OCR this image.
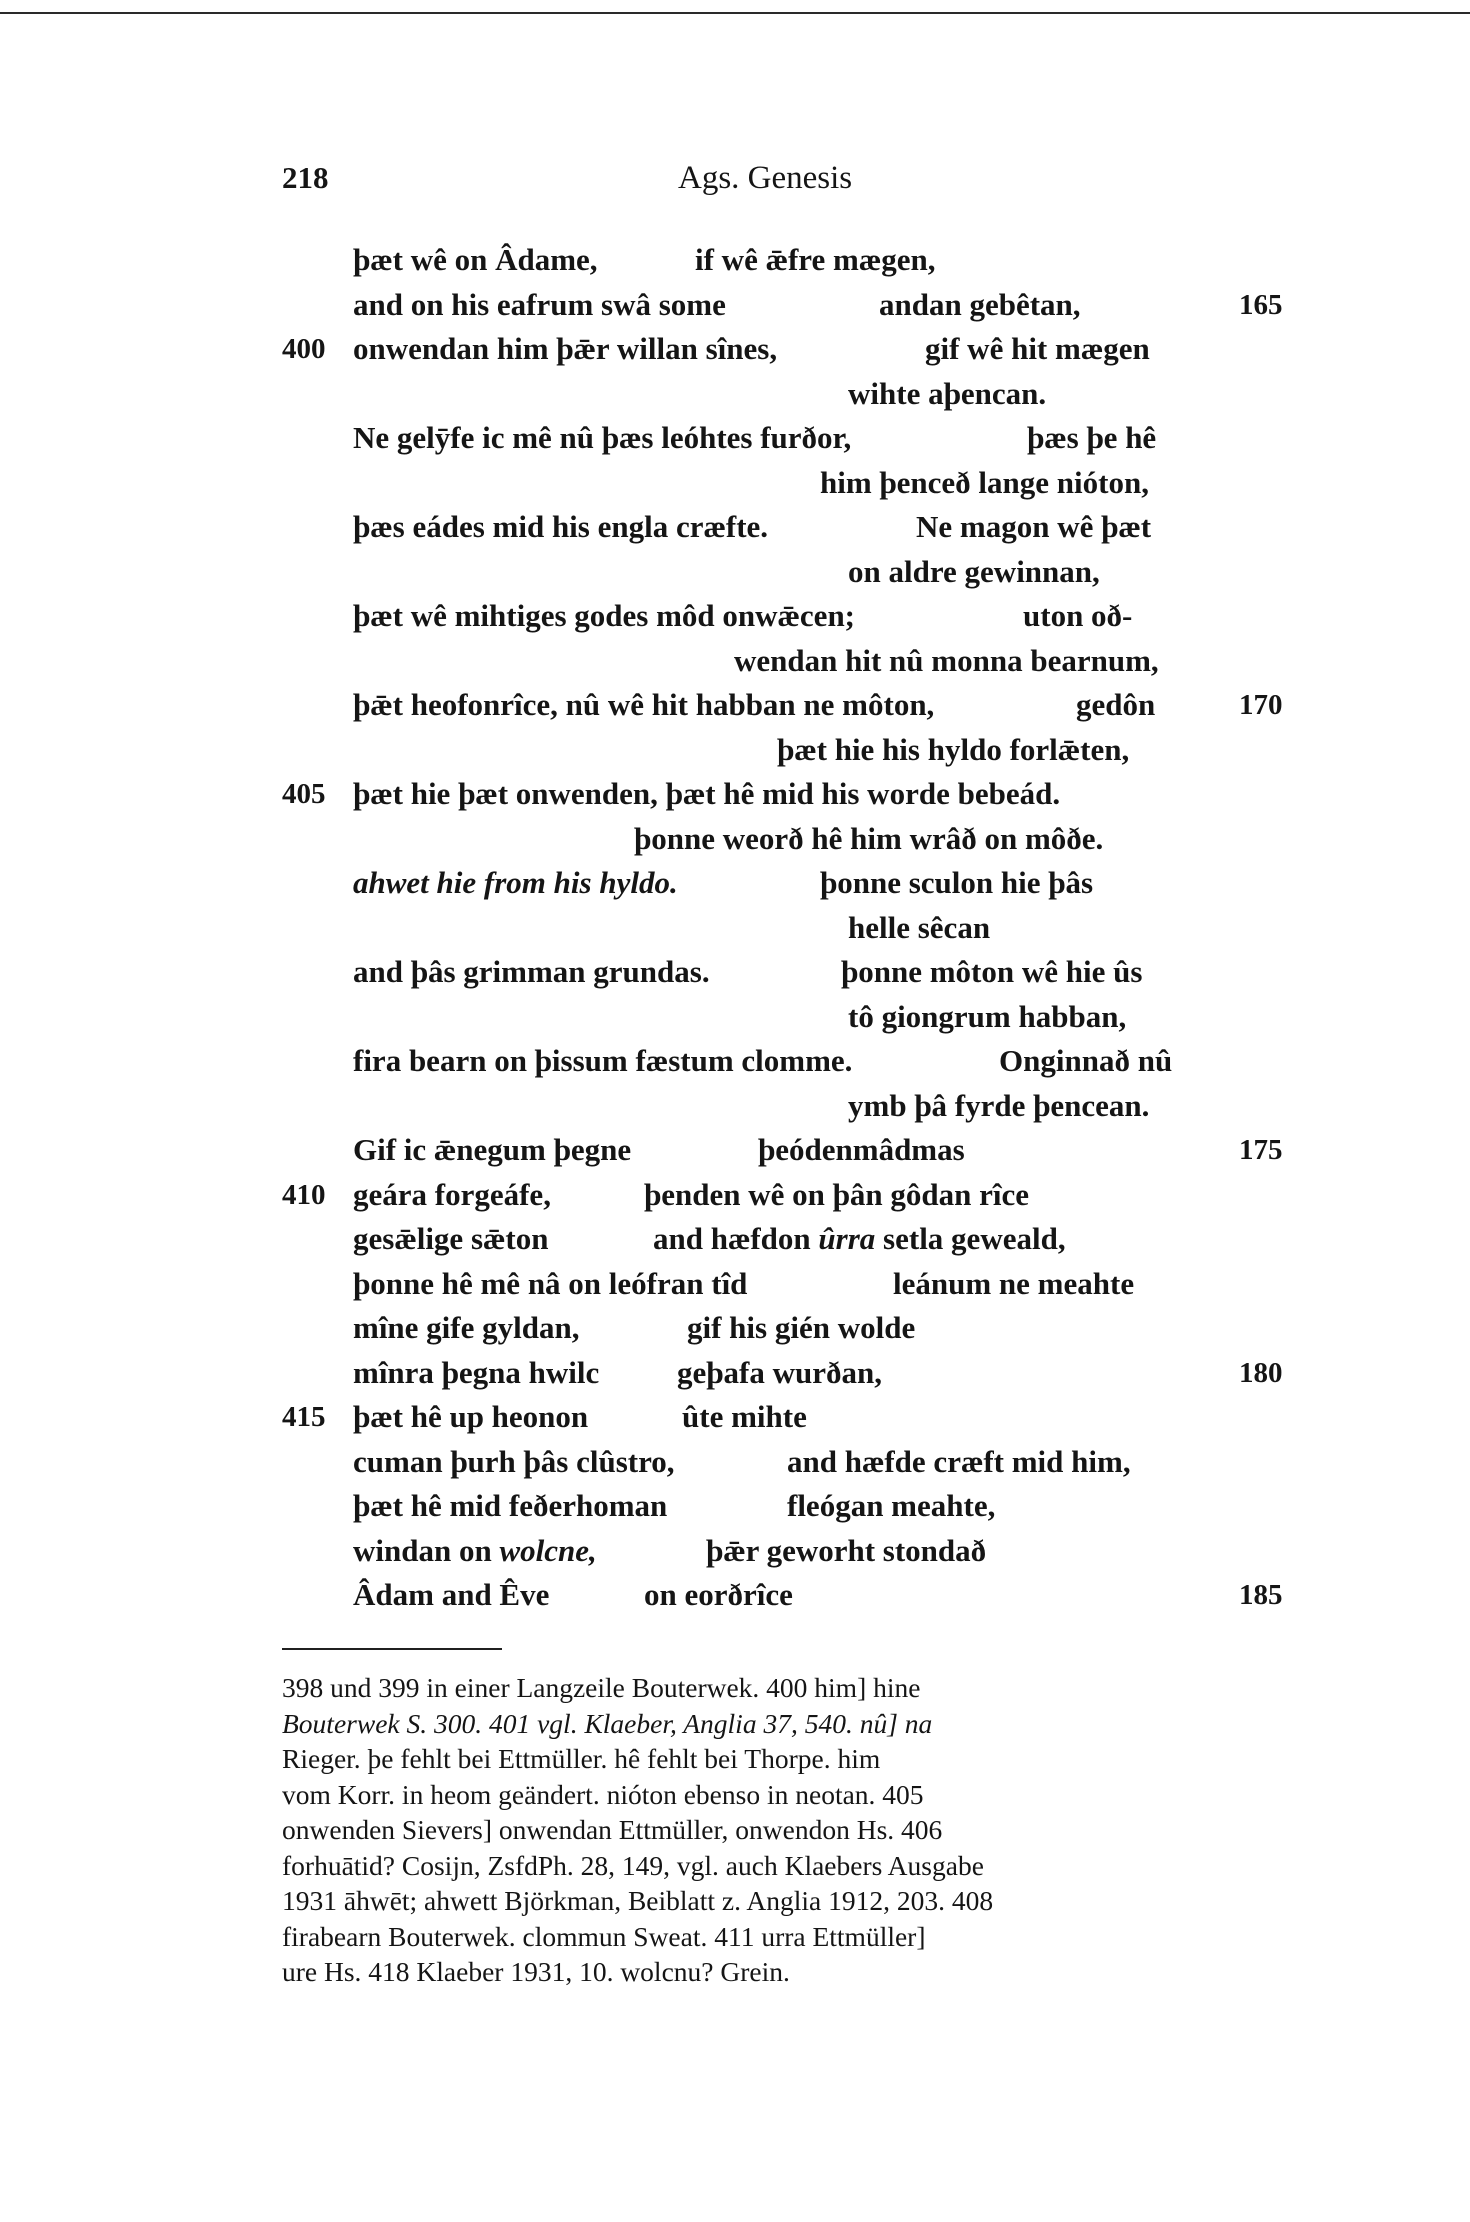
218	Ags. Genesis
þæt wê on Âdame,	if wê ǣfre mægen,
and on his eafrum swâ some	andan gebêtan,	165
400 onwendan him þǣr willan sînes,	gif wê hit mægen
wihte aþencan.
Ne gelȳfe ic mê nû þæs leóhtes furðor,	þæs þe hê
him þenceð lange nióton,
þæs eádes mid his engla cræfte.	Ne magon wê þæt
on aldre gewinnan,
þæt wê mihtiges godes môd onwǣcen;	uton oð-
wendan hit nû monna bearnum,
þǣt heofonrîce, nû wê hit habban ne môton,	gedôn	170
þæt hie his hyldo forlǣten,
405 þæt hie þæt onwenden, þæt hê mid his worde bebeád.
þonne weorð hê him wrâð on môðe.
ahwet hie from his hyldo.	þonne sculon hie þâs
helle sêcan
and þâs grimman grundas.	þonne môton wê hie ûs
tô giongrum habban,
fira bearn on þissum fæstum clomme.	Onginnað nû
ymb þâ fyrde þencean.
Gif ic ǣnegum þegne	þeódenmâdmas	175
410 geára forgeáfe,	þenden wê on þân gôdan rîce
gesǣlige sǣton	and hæfdon ûrra setla geweald,
þonne hê mê nâ on leófran tîd	leánum ne meahte
mîne gife gyldan,	gif his gién wolde
mînra þegna hwilc	geþafa wurðan,	180
415 þæt hê up heonon	ûte mihte
cuman þurh þâs clûstro,	and hæfde cræft mid him,
þæt hê mid feðerhoman	fleógan meahte,
windan on wolcne,	þǣr geworht stondað
Âdam and Êve	on eorðrîce	185
398 und 399 in einer Langzeile Bouterwek. 400 him] hine
Bouterwek S. 300. 401 vgl. Klaeber, Anglia 37, 540. nû] na
Rieger. þe fehlt bei Ettmüller. hê fehlt bei Thorpe. him
vom Korr. in heom geändert. nióton ebenso in neotan. 405
onwenden Sievers] onwendan Ettmüller, onwendon Hs. 406
forhuātid? Cosijn, ZsfdPh. 28, 149, vgl. auch Klaebers Ausgabe
1931 āhwēt; ahwett Björkman, Beiblatt z. Anglia 1912, 203. 408
firabearn Bouterwek. clommun Sweat. 411 urra Ettmüller]
ure Hs. 418 Klaeber 1931, 10. wolcnu? Grein.
